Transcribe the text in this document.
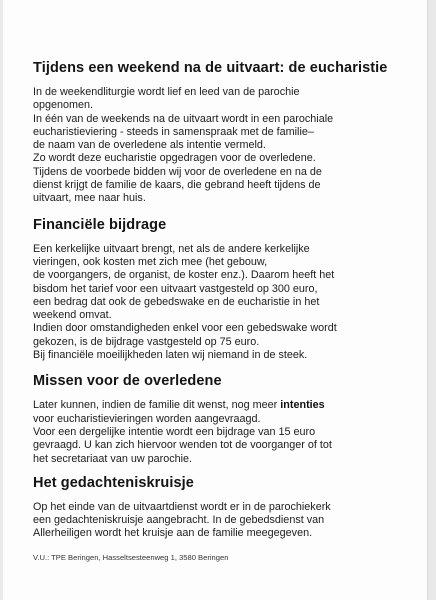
Tijdens een weekend na de uitvaart: de eucharistie
In de weekendliturgie wordt lief en leed van de parochie
opgenomen.
In één van de weekends na de uitvaart wordt in een parochiale
eucharistieviering - steeds in samenspraak met de familie–
de naam van de overledene als intentie vermeld.
Zo wordt deze eucharistie opgedragen voor de overledene.
Tijdens de voorbede bidden wij voor de overledene en na de
dienst krijgt de familie de kaars, die gebrand heeft tijdens de
uitvaart, mee naar huis.
Financiële bijdrage
Een kerkelijke uitvaart brengt, net als de andere kerkelijke
vieringen, ook kosten met zich mee (het gebouw,
de voorgangers, de organist, de koster enz.). Daarom heeft het
bisdom het tarief voor een uitvaart vastgesteld op 300 euro,
een bedrag dat ook de gebedswake en de eucharistie in het
weekend omvat.
Indien door omstandigheden enkel voor een gebedswake wordt
gekozen, is de bijdrage vastgesteld op 75 euro.
Bij financiële moeilijkheden laten wij niemand in de steek.
Missen voor de overledene
Later kunnen, indien de familie dit wenst, nog meer intenties
voor eucharistievieringen worden aangevraagd.
Voor een dergelijke intentie wordt een bijdrage van 15 euro
gevraagd. U kan zich hiervoor wenden tot de voorganger of tot
het secretariaat van uw parochie.
Het gedachteniskruisje
Op het einde van de uitvaartdienst wordt er in de parochiekerk
een gedachteniskruisje aangebracht. In de gebedsdienst van
Allerheiligen wordt het kruisje aan de familie meegegeven.
V.U.: TPE Beringen, Hasseltsesteenweg 1, 3580 Beringen
